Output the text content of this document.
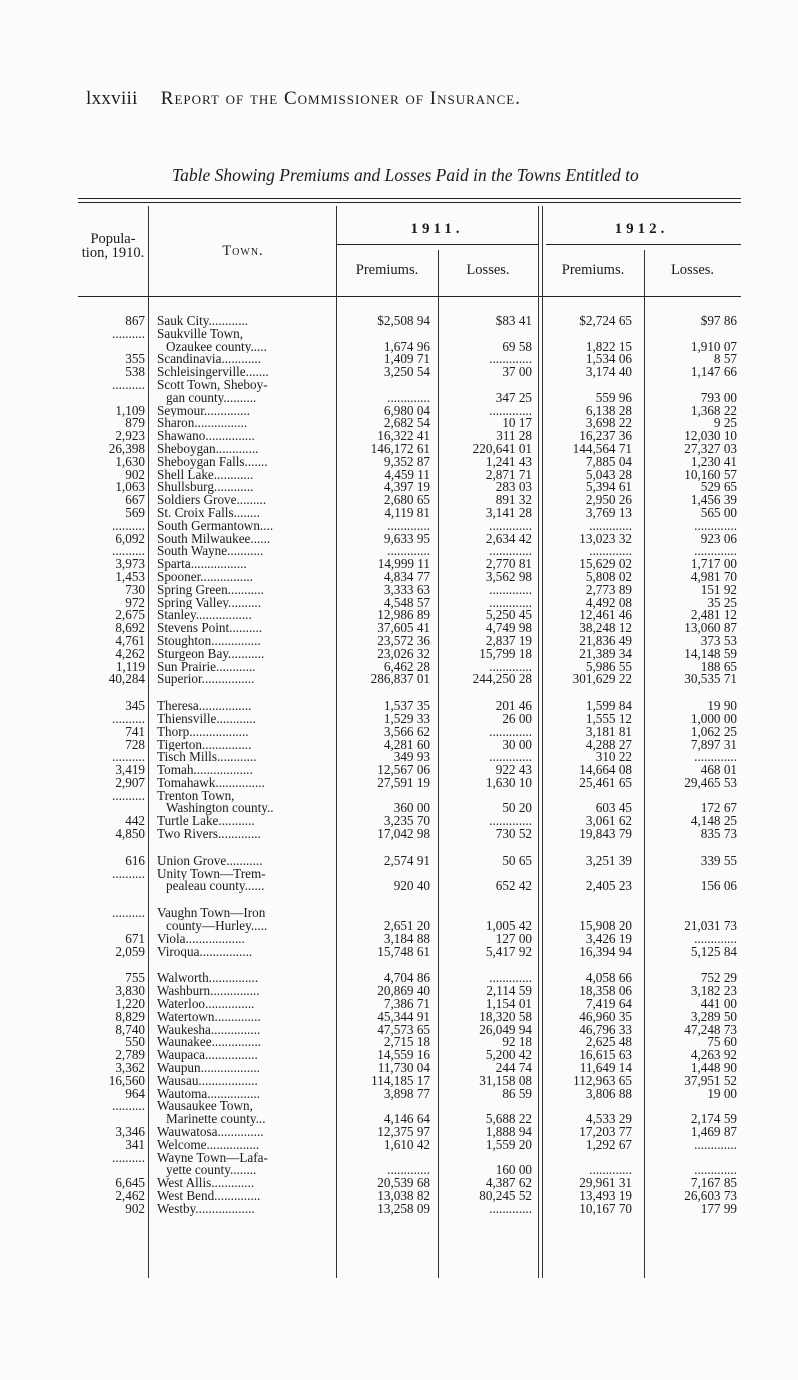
lxxviii Report of the Commissioner of Insurance.
Table Showing Premiums and Losses Paid in the Towns Entitled to
Popula-tion, 1910.	Town.
1911.	1912.
Premiums.	Losses.	Premiums.	Losses.
867 Sauk City............	$2,508 94	$83 41	$2,724 65	$97 86
.......... Saukville Town,
Ozaukee county.....	1,674 96	69 58	1,822 15	1,910 07
355 Scandinavia............	1,409 71	.............	1,534 06	8 57
538 Schleisingerville.......	3,250 54	37 00	3,174 40	1,147 66
.......... Scott Town, Sheboy-
gan county..........	.............	347 25	559 96	793 00
1,109 Seymour..............	6,980 04	.............	6,138 28	1,368 22
879 Sharon................	2,682 54	10 17	3,698 22	9 25
2,923 Shawano...............	16,322 41	311 28	16,237 36	12,030 10
26,398 Sheboygan.............	146,172 61	220,641 01	144,564 71	27,327 03
1,630 Sheboygan Falls.......	9,352 87	1,241 43	7,885 04	1,230 41
902 Shell Lake............	4,459 11	2,871 71	5,043 28	10,160 57
1,063 Shullsburg............	4,397 19	283 03	5,394 61	529 65
667 Soldiers Grove.........	2,680 65	891 32	2,950 26	1,456 39
569 St. Croix Falls........	4,119 81	3,141 28	3,769 13	565 00
.......... South Germantown....	.............	.............	.............	.............
6,092 South Milwaukee......	9,633 95	2,634 42	13,023 32	923 06
.......... South Wayne...........	.............	.............	.............	.............
3,973 Sparta.................	14,999 11	2,770 81	15,629 02	1,717 00
1,453 Spooner................	4,834 77	3,562 98	5,808 02	4,981 70
730 Spring Green...........	3,333 63	.............	2,773 89	151 92
972 Spring Valley..........	4,548 57	.............	4,492 08	35 25
2,675 Stanley.................	12,986 89	5,250 45	12,461 46	2,481 12
8,692 Stevens Point..........	37,605 41	4,749 98	38,248 12	13,060 87
4,761 Stoughton...............	23,572 36	2,837 19	21,836 49	373 53
4,262 Sturgeon Bay...........	23,026 32	15,799 18	21,389 34	14,148 59
1,119 Sun Prairie............	6,462 28	.............	5,986 55	188 65
40,284 Superior................	286,837 01	244,250 28	301,629 22	30,535 71
345 Theresa................	1,537 35	201 46	1,599 84	19 90
.......... Thiensville............	1,529 33	26 00	1,555 12	1,000 00
741 Thorp..................	3,566 62	.............	3,181 81	1,062 25
728 Tigerton...............	4,281 60	30 00	4,288 27	7,897 31
.......... Tisch Mills............	349 93	.............	310 22	.............
3,419 Tomah..................	12,567 06	922 43	14,664 08	468 01
2,907 Tomahawk...............	27,591 19	1,630 10	25,461 65	29,465 53
.......... Trenton Town,
Washington county..	360 00	50 20	603 45	172 67
442 Turtle Lake...........	3,235 70	.............	3,061 62	4,148 25
4,850 Two Rivers.............	17,042 98	730 52	19,843 79	835 73
616 Union Grove...........	2,574 91	50 65	3,251 39	339 55
.......... Unity Town—Trem-
pealeau county......	920 40	652 42	2,405 23	156 06
.......... Vaughn Town—Iron
county—Hurley.....	2,651 20	1,005 42	15,908 20	21,031 73
671 Viola..................	3,184 88	127 00	3,426 19	.............
2,059 Viroqua................	15,748 61	5,417 92	16,394 94	5,125 84
755 Walworth...............	4,704 86	.............	4,058 66	752 29
3,830 Washburn...............	20,869 40	2,114 59	18,358 06	3,182 23
1,220 Waterloo...............	7,386 71	1,154 01	7,419 64	441 00
8,829 Watertown..............	45,344 91	18,320 58	46,960 35	3,289 50
8,740 Waukesha...............	47,573 65	26,049 94	46,796 33	47,248 73
550 Waunakee...............	2,715 18	92 18	2,625 48	75 60
2,789 Waupaca................	14,559 16	5,200 42	16,615 63	4,263 92
3,362 Waupun..................	11,730 04	244 74	11,649 14	1,448 90
16,560 Wausau..................	114,185 17	31,158 08	112,963 65	37,951 52
964 Wautoma................	3,898 77	86 59	3,806 88	19 00
.......... Wausaukee Town,
Marinette county...	4,146 64	5,688 22	4,533 29	2,174 59
3,346 Wauwatosa..............	12,375 97	1,888 94	17,203 77	1,469 87
341 Welcome................	1,610 42	1,559 20	1,292 67	.............
.......... Wayne Town—Lafa-
yette county........	.............	160 00	.............	.............
6,645 West Allis.............	20,539 68	4,387 62	29,961 31	7,167 85
2,462 West Bend..............	13,038 82	80,245 52	13,493 19	26,603 73
902 Westby..................	13,258 09	.............	10,167 70	177 99
